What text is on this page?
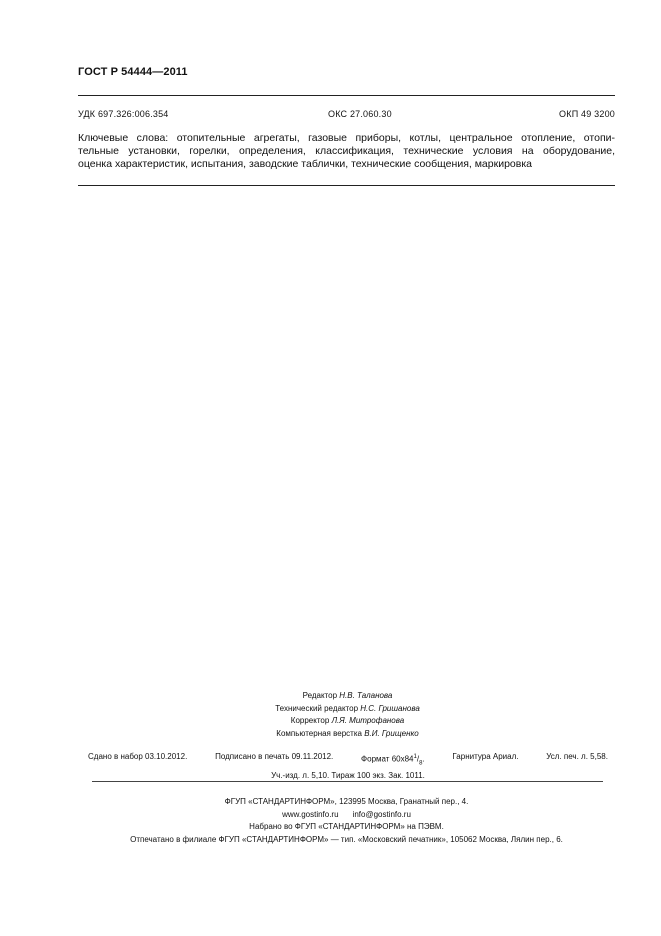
ГОСТ Р 54444—2011
УДК 697.326:006.354	ОКС 27.060.30	ОКП 49 3200
Ключевые слова: отопительные агрегаты, газовые приборы, котлы, центральное отопление, отопи-
тельные установки, горелки, определения, классификация, технические условия на оборудование,
оценка характеристик, испытания, заводские таблички, технические сообщения, маркировка
Редактор Н.В. Таланова
Технический редактор Н.С. Гришанова
Корректор Л.Я. Митрофанова
Компьютерная верстка В.И. Грищенко
Сдано в набор 03.10.2012.	Подписано в печать 09.11.2012.	Формат $60х84^1/_8$.	Гарнитура Ариал.	Усл. печ. л. 5,58.
Уч.-изд. л. 5,10. Тираж 100 экз. Зак. 1011.
ФГУП «СТАНДАРТИНФОРМ», 123995 Москва, Гранатный пер., 4.
www.gostinfo.ru info@gostinfo.ru
Набрано во ФГУП «СТАНДАРТИНФОРМ» на ПЭВМ.
Отпечатано в филиале ФГУП «СТАНДАРТИНФОРМ» — тип. «Московский печатник», 105062 Москва, Лялин пер., 6.
